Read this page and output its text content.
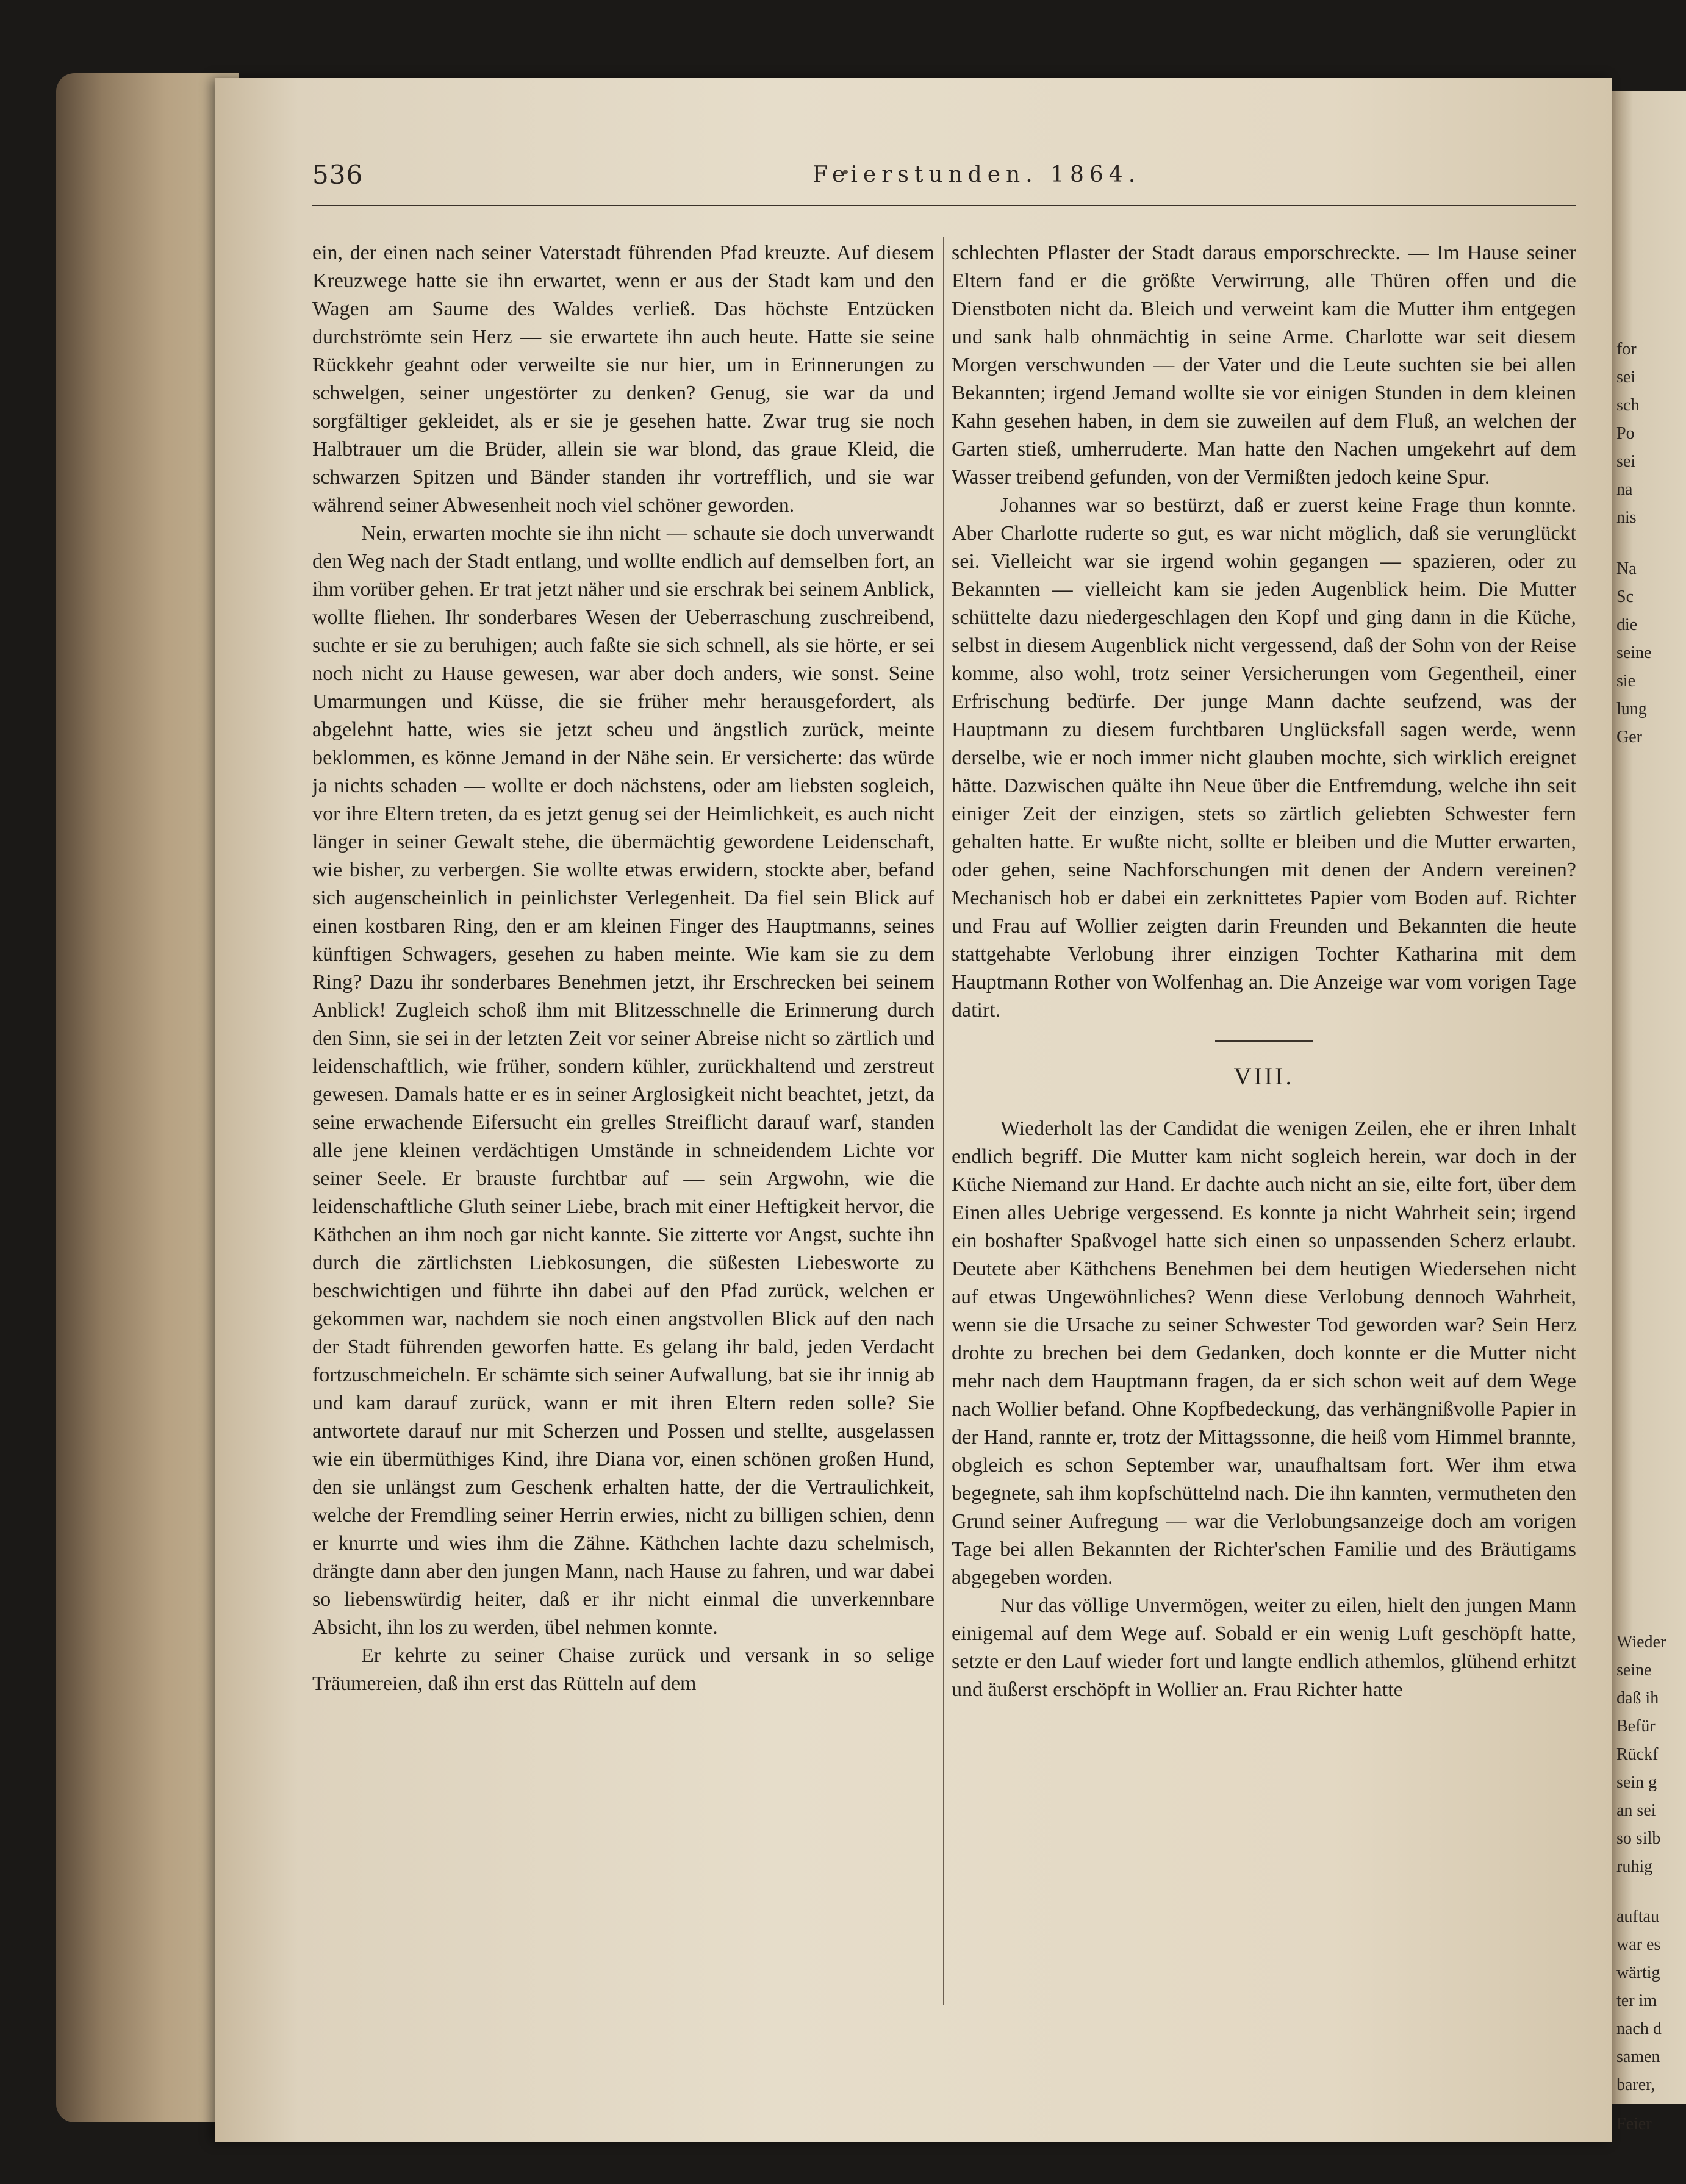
for
sei
sch
Po
sei
na
nis
Na
Sc
die
seine
sie
lung
Ger
Wieder
seine
daß ih
Befür
Rückf
sein g
an sei
so silb
ruhig
auftau
war es
wärtig
ter im
nach d
samen
barer,
Feier
536	Feierstunden. 1864.

ein, der einen nach seiner Vaterstadt führenden Pfad kreuzte. Auf diesem Kreuzwege hatte sie ihn erwartet, wenn er aus der Stadt kam und den Wagen am Saume des Waldes verließ. Das höchste Entzücken durchströmte sein Herz — sie erwartete ihn auch heute. Hatte sie seine Rückkehr geahnt oder verweilte sie nur hier, um in Erinnerungen zu schwelgen, seiner ungestörter zu denken? Genug, sie war da und sorgfältiger gekleidet, als er sie je gesehen hatte. Zwar trug sie noch Halbtrauer um die Brüder, allein sie war blond, das graue Kleid, die schwarzen Spitzen und Bänder standen ihr vortrefflich, und sie war während seiner Abwesenheit noch viel schöner geworden.

Nein, erwarten mochte sie ihn nicht — schaute sie doch unverwandt den Weg nach der Stadt entlang, und wollte endlich auf demselben fort, an ihm vorüber gehen. Er trat jetzt näher und sie erschrak bei seinem Anblick, wollte fliehen. Ihr sonderbares Wesen der Ueberraschung zuschreibend, suchte er sie zu beruhigen; auch faßte sie sich schnell, als sie hörte, er sei noch nicht zu Hause gewesen, war aber doch anders, wie sonst. Seine Umarmungen und Küsse, die sie früher mehr herausgefordert, als abgelehnt hatte, wies sie jetzt scheu und ängstlich zurück, meinte beklommen, es könne Jemand in der Nähe sein. Er versicherte: das würde ja nichts schaden — wollte er doch nächstens, oder am liebsten sogleich, vor ihre Eltern treten, da es jetzt genug sei der Heimlichkeit, es auch nicht länger in seiner Gewalt stehe, die übermächtig gewordene Leidenschaft, wie bisher, zu verbergen. Sie wollte etwas erwidern, stockte aber, befand sich augenscheinlich in peinlichster Verlegenheit. Da fiel sein Blick auf einen kostbaren Ring, den er am kleinen Finger des Hauptmanns, seines künftigen Schwagers, gesehen zu haben meinte. Wie kam sie zu dem Ring? Dazu ihr sonderbares Benehmen jetzt, ihr Erschrecken bei seinem Anblick! Zugleich schoß ihm mit Blitzesschnelle die Erinnerung durch den Sinn, sie sei in der letzten Zeit vor seiner Abreise nicht so zärtlich und leidenschaftlich, wie früher, sondern kühler, zurückhaltend und zerstreut gewesen. Damals hatte er es in seiner Arglosigkeit nicht beachtet, jetzt, da seine erwachende Eifersucht ein grelles Streiflicht darauf warf, standen alle jene kleinen verdächtigen Umstände in schneidendem Lichte vor seiner Seele. Er brauste furchtbar auf — sein Argwohn, wie die leidenschaftliche Gluth seiner Liebe, brach mit einer Heftigkeit hervor, die Käthchen an ihm noch gar nicht kannte. Sie zitterte vor Angst, suchte ihn durch die zärtlichsten Liebkosungen, die süßesten Liebesworte zu beschwichtigen und führte ihn dabei auf den Pfad zurück, welchen er gekommen war, nachdem sie noch einen angstvollen Blick auf den nach der Stadt führenden geworfen hatte. Es gelang ihr bald, jeden Verdacht fortzuschmeicheln. Er schämte sich seiner Aufwallung, bat sie ihr innig ab und kam darauf zurück, wann er mit ihren Eltern reden solle? Sie antwortete darauf nur mit Scherzen und Possen und stellte, ausgelassen wie ein übermüthiges Kind, ihre Diana vor, einen schönen großen Hund, den sie unlängst zum Geschenk erhalten hatte, der die Vertraulichkeit, welche der Fremdling seiner Herrin erwies, nicht zu billigen schien, denn er knurrte und wies ihm die Zähne. Käthchen lachte dazu schelmisch, drängte dann aber den jungen Mann, nach Hause zu fahren, und war dabei so liebenswürdig heiter, daß er ihr nicht einmal die unverkennbare Absicht, ihn los zu werden, übel nehmen konnte.

Er kehrte zu seiner Chaise zurück und versank in so selige Träumereien, daß ihn erst das Rütteln auf dem

schlechten Pflaster der Stadt daraus emporschreckte. — Im Hause seiner Eltern fand er die größte Verwirrung, alle Thüren offen und die Dienstboten nicht da. Bleich und verweint kam die Mutter ihm entgegen und sank halb ohnmächtig in seine Arme. Charlotte war seit diesem Morgen verschwunden — der Vater und die Leute suchten sie bei allen Bekannten; irgend Jemand wollte sie vor einigen Stunden in dem kleinen Kahn gesehen haben, in dem sie zuweilen auf dem Fluß, an welchen der Garten stieß, umherruderte. Man hatte den Nachen umgekehrt auf dem Wasser treibend gefunden, von der Vermißten jedoch keine Spur.

Johannes war so bestürzt, daß er zuerst keine Frage thun konnte. Aber Charlotte ruderte so gut, es war nicht möglich, daß sie verunglückt sei. Vielleicht war sie irgend wohin gegangen — spazieren, oder zu Bekannten — vielleicht kam sie jeden Augenblick heim. Die Mutter schüttelte dazu niedergeschlagen den Kopf und ging dann in die Küche, selbst in diesem Augenblick nicht vergessend, daß der Sohn von der Reise komme, also wohl, trotz seiner Versicherungen vom Gegentheil, einer Erfrischung bedürfe. Der junge Mann dachte seufzend, was der Hauptmann zu diesem furchtbaren Unglücksfall sagen werde, wenn derselbe, wie er noch immer nicht glauben mochte, sich wirklich ereignet hätte. Dazwischen quälte ihn Neue über die Entfremdung, welche ihn seit einiger Zeit der einzigen, stets so zärtlich geliebten Schwester fern gehalten hatte. Er wußte nicht, sollte er bleiben und die Mutter erwarten, oder gehen, seine Nachforschungen mit denen der Andern vereinen? Mechanisch hob er dabei ein zerknittetes Papier vom Boden auf. Richter und Frau auf Wollier zeigten darin Freunden und Bekannten die heute stattgehabte Verlobung ihrer einzigen Tochter Katharina mit dem Hauptmann Rother von Wolfenhag an. Die Anzeige war vom vorigen Tage datirt.

VIII.

Wiederholt las der Candidat die wenigen Zeilen, ehe er ihren Inhalt endlich begriff. Die Mutter kam nicht sogleich herein, war doch in der Küche Niemand zur Hand. Er dachte auch nicht an sie, eilte fort, über dem Einen alles Uebrige vergessend. Es konnte ja nicht Wahrheit sein; irgend ein boshafter Spaßvogel hatte sich einen so unpassenden Scherz erlaubt. Deutete aber Käthchens Benehmen bei dem heutigen Wiedersehen nicht auf etwas Ungewöhnliches? Wenn diese Verlobung dennoch Wahrheit, wenn sie die Ursache zu seiner Schwester Tod geworden war? Sein Herz drohte zu brechen bei dem Gedanken, doch konnte er die Mutter nicht mehr nach dem Hauptmann fragen, da er sich schon weit auf dem Wege nach Wollier befand. Ohne Kopfbedeckung, das verhängnißvolle Papier in der Hand, rannte er, trotz der Mittagssonne, die heiß vom Himmel brannte, obgleich es schon September war, unaufhaltsam fort. Wer ihm etwa begegnete, sah ihm kopfschüttelnd nach. Die ihn kannten, vermutheten den Grund seiner Aufregung — war die Verlobungsanzeige doch am vorigen Tage bei allen Bekannten der Richter'schen Familie und des Bräutigams abgegeben worden.

Nur das völlige Unvermögen, weiter zu eilen, hielt den jungen Mann einigemal auf dem Wege auf. Sobald er ein wenig Luft geschöpft hatte, setzte er den Lauf wieder fort und langte endlich athemlos, glühend erhitzt und äußerst erschöpft in Wollier an. Frau Richter hatte
